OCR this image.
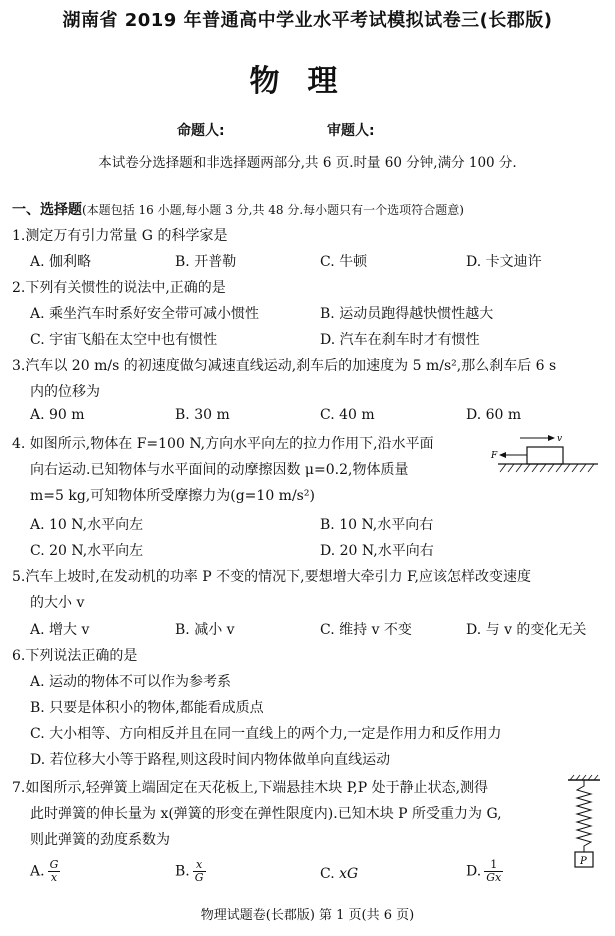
湖南省 2019 年普通高中学业水平考试模拟试卷三(长郡版)
物理
命题人:	审题人:
本试卷分选择题和非选择题两部分,共 6 页.时量 60 分钟,满分 100 分.
一、选择题(本题包括 16 小题,每小题 3 分,共 48 分.每小题只有一个选项符合题意)
1.测定万有引力常量 G 的科学家是
A. 伽利略	B. 开普勒	C. 牛顿	D. 卡文迪许
2.下列有关惯性的说法中,正确的是
A. 乘坐汽车时系好安全带可减小惯性	B. 运动员跑得越快惯性越大
C. 宇宙飞船在太空中也有惯性	D. 汽车在刹车时才有惯性
3.汽车以 20 m/s 的初速度做匀减速直线运动,刹车后的加速度为 5 m/s²,那么刹车后 6 s
内的位移为
A. 90 m	B. 30 m	C. 40 m	D. 60 m
4. 如图所示,物体在 F=100 N,方向水平向左的拉力作用下,沿水平面
向右运动.已知物体与水平面间的动摩擦因数 μ=0.2,物体质量
m=5 kg,可知物体所受摩擦力为(g=10 m/s²)
v
F
A. 10 N,水平向左	B. 10 N,水平向右
C. 20 N,水平向左	D. 20 N,水平向右
5.汽车上坡时,在发动机的功率 P 不变的情况下,要想增大牵引力 F,应该怎样改变速度
的大小 v
A. 增大 v	B. 减小 v	C. 维持 v 不变	D. 与 v 的变化无关
6.下列说法正确的是
A. 运动的物体不可以作为参考系
B. 只要是体积小的物体,都能看成质点
C. 大小相等、方向相反并且在同一直线上的两个力,一定是作用力和反作用力
D. 若位移大小等于路程,则这段时间内物体做单向直线运动
7.如图所示,轻弹簧上端固定在天花板上,下端悬挂木块 P,P 处于静止状态,测得
此时弹簧的伸长量为 x(弹簧的形变在弹性限度内).已知木块 P 所受重力为 G,
则此弹簧的劲度系数为
P
A. $\frac{G}{x}$	B. $\frac{x}{G}$	C. xG	D. $\frac{1}{Gx}$
物理试题卷(长郡版) 第 1 页(共 6 页)
